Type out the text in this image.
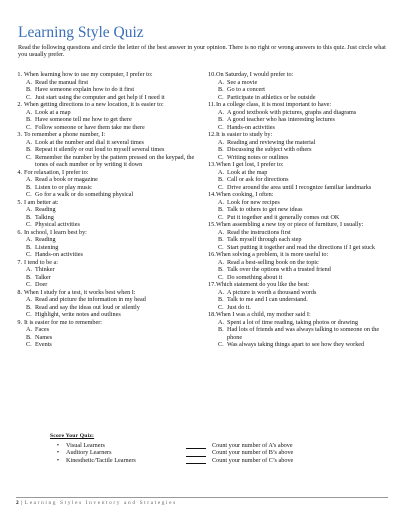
Learning Style Quiz
Read the following questions and circle the letter of the best answer in your opinion. There is no right or wrong answers to this quiz. Just circle what you usually prefer.
1. When learning how to use my computer, I prefer to:
A. Read the manual first
B. Have someone explain how to do it first
C. Just start using the computer and get help if I need it
2. When getting directions to a new location, it is easier to:
A. Look at a map
B. Have someone tell me how to get there
C. Follow someone or have them take me there
3. To remember a phone number, I:
A. Look at the number and dial it several times
B. Repeat it silently or out loud to myself several times
C. Remember the number by the pattern pressed on the keypad, the tones of each number or by writing it down
4. For relaxation, I prefer to:
A. Read a book or magazine
B. Listen to or play music
C. Go for a walk or do something physical
5. I am better at:
A. Reading
B. Talking
C. Physical activities
6. In school, I learn best by:
A. Reading
B. Listening
C. Hands-on activities
7. I tend to be a:
A. Thinker
B. Talker
C. Doer
8. When I study for a test, it works best when I:
A. Read and picture the information in my head
B. Read and say the ideas out loud or silently
C. Highlight, write notes and outlines
9. It is easier for me to remember:
A. Faces
B. Names
C. Events
10. On Saturday, I would prefer to:
A. See a movie
B. Go to a concert
C. Participate in athletics or be outside
11. In a college class, it is most important to have:
A. A good textbook with pictures, graphs and diagrams
B. A good teacher who has interesting lectures
C. Hands-on activities
12. It is easier to study by:
A. Reading and reviewing the material
B. Discussing the subject with others
C. Writing notes or outlines
13. When I get lost, I prefer to:
A. Look at the map
B. Call or ask for directions
C. Drive around the area until I recognize familiar landmarks
14. When cooking, I often:
A. Look for new recipes
B. Talk to others to get new ideas
C. Put it together and it generally comes out OK
15. When assembling a new toy or piece of furniture, I usually:
A. Read the instructions first
B. Talk myself through each step
C. Start putting it together and read the directions if I get stuck
16. When solving a problem, it is more useful to:
A. Read a best-selling book on the topic
B. Talk over the options with a trusted friend
C. Do something about it
17. Which statement do you like the best:
A. A picture is worth a thousand words
B. Talk to me and I can understand.
C. Just do it.
18. When I was a child, my mother said I:
A. Spent a lot of time reading, taking photos or drawing
B. Had lots of friends and was always talking to someone on the phone
C. Was always taking things apart to see how they worked
Score Your Quiz:
•	Visual Learners	Count your number of A’s above
•	Auditory Learners	Count your number of B’s above
•	Kinesthetic/Tactile Learners	Count your number of C’s above
2 | Learning Styles Inventory and Strategies
